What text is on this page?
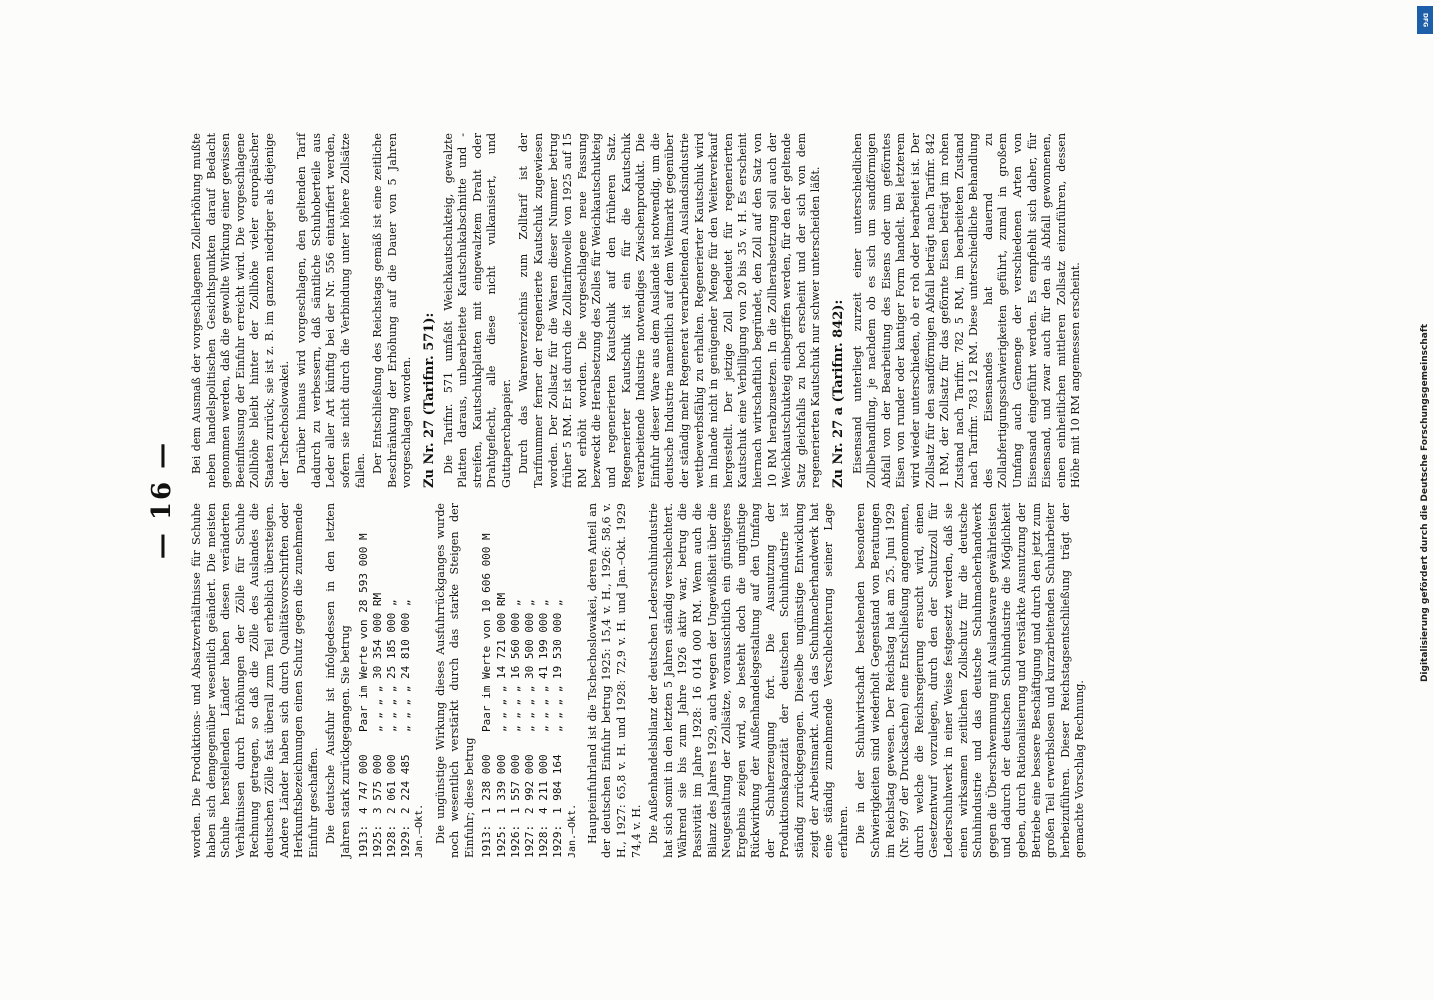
— 16 —

worden. Die Produktions- und Absatzverhältnisse für Schuhe haben sich demgegenüber wesentlich geändert. Die meisten Schuhe herstellenden Länder haben diesen veränderten Verhältnissen durch Erhöhungen der Zölle für Schuhe Rechnung getragen, so daß die Zölle des Auslandes die deutschen Zölle fast überall zum Teil erheblich übersteigen. Andere Länder haben sich durch Qualitätsvorschriften oder Herkunftsbezeichnungen einen Schutz gegen die zunehmende Einfuhr geschaffen. Die deutsche Ausfuhr ist infolgedessen in den letzten Jahren stark zurückgegangen. Sie betrug 1913:
4 747 000
Paar im Werte von 28 593 000 M
1925:
3 575 000
„ „ „ „ 30 354 000 RM
1928:
2 061 000
„ „ „ „ 25 185 000 „
1929:
2 224 485
„ „ „ „ 24 810 000 „
Jan.–Okt. Die ungünstige Wirkung dieses Ausfuhrrückganges wurde noch wesentlich verstärkt durch das starke Steigen der Einfuhr; diese betrug 1913:
1 238 000
Paar im Werte von 10 606 000 M
1925:
1 339 000
„ „ „ „ 14 721 000 RM
1926:
1 557 000
„ „ „ „ 16 560 000 „
1927:
2 992 000
„ „ „ „ 30 500 000 „
1928:
4 211 000
„ „ „ „ 41 199 000 „
1929:
1 984 164
„ „ „ „ 19 530 000 „
Jan.–Okt. Haupteinfuhrland ist die Tschechoslowakei, deren Anteil an der deutschen Einfuhr betrug 1925: 15,4 v. H., 1926: 58,6 v. H., 1927: 65,8 v. H. und 1928: 72,9 v. H. und Jan.–Okt. 1929 74,4 v. H. Die Außenhandelsbilanz der deutschen Lederschuhindustrie hat sich somit in den letzten 5 Jahren ständig verschlechtert. Während sie bis zum Jahre 1926 aktiv war, betrug die Passivität im Jahre 1928: 16 014 000 RM. Wenn auch die Bilanz des Jahres 1929, auch wegen der Ungewißheit über die Neugestaltung der Zollsätze, voraussichtlich ein günstigeres Ergebnis zeigen wird, so besteht doch die ungünstige Rückwirkung der Außenhandelsgestaltung auf den Umfang der Schuherzeugung fort. Die Ausnutzung der Produktionskapazität der deutschen Schuhindustrie ist ständig zurückgegangen. Dieselbe ungünstige Entwicklung zeigt der Arbeitsmarkt. Auch das Schuhmacherhandwerk hat eine ständig zunehmende Verschlechterung seiner Lage erfahren. Die in der Schuhwirtschaft bestehenden besonderen Schwierigkeiten sind wiederholt Gegenstand von Beratungen im Reichstag gewesen. Der Reichstag hat am 25. Juni 1929 (Nr. 997 der Drucksachen) eine Entschließung angenommen, durch welche die Reichsregierung ersucht wird, einen Gesetzentwurf vorzulegen, durch den der Schutzzoll für Lederschuhwerk in einer Weise festgesetzt werden, daß sie einen wirksamen zeitlichen Zollschutz für die deutsche Schuhindustrie und das deutsche Schuhmacherhandwerk gegen die Überschwemmung mit Auslandsware gewährleisten und dadurch der deutschen Schuhindustrie die Möglichkeit geben, durch Rationalisierung und verstärkte Ausnutzung der Betriebe eine bessere Beschäftigung und durch den jetzt zum großen Teil erwerbslosen und kurzarbeitenden Schuharbeiter herbeizuführen. Dieser Reichstagsentschließung trägt der gemachte Vorschlag Rechnung.

Bei dem Ausmaß der vorgeschlagenen Zollerhöhung mußte neben handelspolitischen Gesichtspunkten darauf Bedacht genommen werden, daß die gewollte Wirkung einer gewissen Beeinflussung der Einfuhr erreicht wird. Die vorgeschlagene Zollhöhe bleibt hinter der Zollhöhe vieler europäischer Staaten zurück; sie ist z. B. im ganzen niedriger als diejenige der Tschechoslowakei. Darüber hinaus wird vorgeschlagen, den geltenden Tarif dadurch zu verbessern, daß sämtliche Schuhoberteile aus Leder aller Art künftig bei der Nr. 556 eintarifiert werden, sofern sie nicht durch die Verbindung unter höhere Zollsätze fallen. Der Entschließung des Reichstags gemäß ist eine zeitliche Beschränkung der Erhöhung auf die Dauer von 5 Jahren vorgeschlagen worden. Zu Nr. 27 (Tarifnr. 571): Die Tarifnr. 571 umfaßt Weichkautschukteig, gewalzte Platten daraus, unbearbeitete Kautschukabschnitte und -streifen, Kautschukplatten mit eingewalztem Draht oder Drahtgeflecht, alle diese nicht vulkanisiert, und Guttaperchapapier. Durch das Warenverzeichnis zum Zolltarif ist der Tarifnummer ferner der regenerierte Kautschuk zugewiesen worden. Der Zollsatz für die Waren dieser Nummer betrug früher 5 RM. Er ist durch die Zolltarifnovelle von 1925 auf 15 RM erhöht worden. Die vorgeschlagene neue Fassung bezweckt die Herabsetzung des Zolles für Weichkautschukteig und regenerierten Kautschuk auf den früheren Satz. Regenerierter Kautschuk ist ein für die Kautschuk verarbeitende Industrie notwendiges Zwischenprodukt. Die Einfuhr dieser Ware aus dem Auslande ist notwendig, um die deutsche Industrie namentlich auf dem Weltmarkt gegenüber der ständig mehr Regenerat verarbeitenden Auslandsindustrie wettbewerbsfähig zu erhalten. Regenerierter Kautschuk wird im Inlande nicht in genügender Menge für den Weiterverkauf hergestellt. Der jetzige Zoll bedeutet für regenerierten Kautschuk eine Verbilligung von 20 bis 35 v. H. Es erscheint hiernach wirtschaftlich begründet, den Zoll auf den Satz von 10 RM herabzusetzen. In die Zollherabsetzung soll auch der Weichkautschukteig einbegriffen werden, für den der geltende Satz gleichfalls zu hoch erscheint und der sich von dem regenerierten Kautschuk nur schwer unterscheiden läßt. Zu Nr. 27 a (Tarifnr. 842): Eisensand unterliegt zurzeit einer unterschiedlichen Zollbehandlung, je nachdem ob es sich um sandförmigen Abfall von der Bearbeitung des Eisens oder um geförntes Eisen von runder oder kantiger Form handelt. Bei letzterem wird wieder unterschieden, ob er roh oder bearbeitet ist. Der Zollsatz für den sandförmigen Abfall beträgt nach Tarifnr. 842 1 RM, der Zollsatz für das geförnte Eisen beträgt im rohen Zustand nach Tarifnr. 782 5 RM, im bearbeiteten Zustand nach Tarifnr. 783 12 RM. Diese unterschiedliche Behandlung des Eisensandes hat dauernd zu Zollabfertigungsschwierigkeiten geführt, zumal in großem Umfang auch Gemenge der verschiedenen Arten von Eisensand eingeführt werden. Es empfiehlt sich daher, für Eisensand, und zwar auch für den als Abfall gewonnenen, einen einheitlichen mittleren Zollsatz einzuführen, dessen Höhe mit 10 RM angemessen erscheint.

DFG
Digitalisierung gefördert durch die Deutsche Forschungsgemeinschaft
